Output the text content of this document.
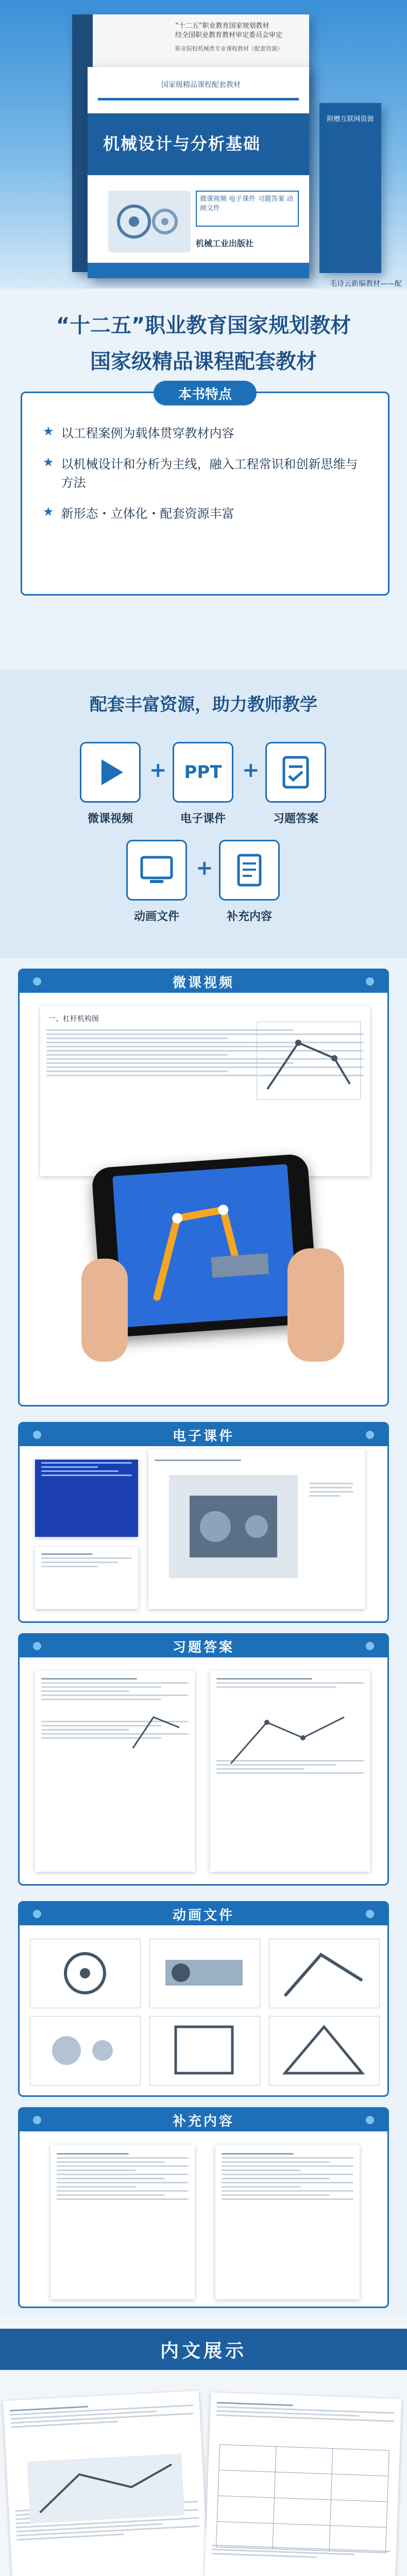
“十二五”职业教育国家规划教材
经全国职业教育教材审定委员会审定
职业院校机械类专业课程教材（配套资源）
国家级精品课程配套教材
机械设计与分析基础
微课视频 电子课件 习题答案 动画文件
机械工业出版社
附赠互联网资源
毛诗云新编教材——配
“十二五”职业教育国家规划教材
国家级精品课程配套教材
本书特点
★ 以工程案例为载体贯穿教材内容
★ 以机械设计和分析为主线，融入工程常识和创新思维与方法
★ 新形态・立体化・配套资源丰富
配套丰富资源，助力教师教学
微课视频
+ PPT
电子课件
+
习题答案
动画文件
+
补充内容
微课视频
一、杠杆机构图
电子课件
习题答案
动画文件
补充内容
内文展示
